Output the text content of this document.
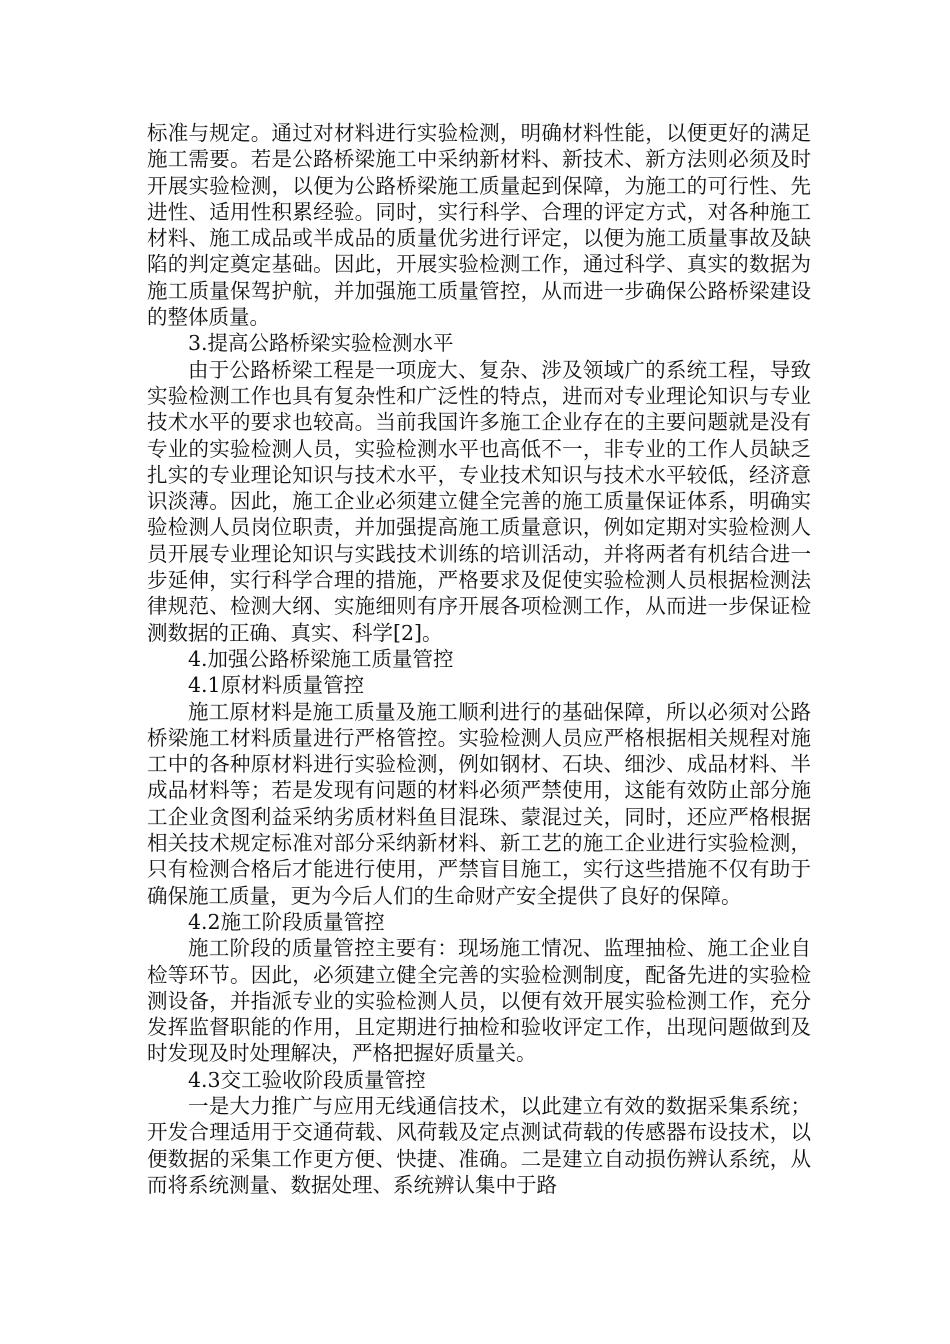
标准与规定。通过对材料进行实验检测，明确材料性能，以便更好的满足施工需要。若是公路桥梁施工中采纳新材料、新技术、新方法则必须及时开展实验检测，以便为公路桥梁施工质量起到保障，为施工的可行性、先进性、适用性积累经验。同时，实行科学、合理的评定方式，对各种施工材料、施工成品或半成品的质量优劣进行评定，以便为施工质量事故及缺陷的判定奠定基础。因此，开展实验检测工作，通过科学、真实的数据为施工质量保驾护航，并加强施工质量管控，从而进一步确保公路桥梁建设的整体质量。

3.提高公路桥梁实验检测水平

由于公路桥梁工程是一项庞大、复杂、涉及领域广的系统工程，导致实验检测工作也具有复杂性和广泛性的特点，进而对专业理论知识与专业技术水平的要求也较高。当前我国许多施工企业存在的主要问题就是没有专业的实验检测人员，实验检测水平也高低不一，非专业的工作人员缺乏扎实的专业理论知识与技术水平，专业技术知识与技术水平较低，经济意识淡薄。因此，施工企业必须建立健全完善的施工质量保证体系，明确实验检测人员岗位职责，并加强提高施工质量意识，例如定期对实验检测人员开展专业理论知识与实践技术训练的培训活动，并将两者有机结合进一步延伸，实行科学合理的措施，严格要求及促使实验检测人员根据检测法律规范、检测大纲、实施细则有序开展各项检测工作，从而进一步保证检测数据的正确、真实、科学[2]。

4.加强公路桥梁施工质量管控

4.1原材料质量管控

施工原材料是施工质量及施工顺利进行的基础保障，所以必须对公路桥梁施工材料质量进行严格管控。实验检测人员应严格根据相关规程对施工中的各种原材料进行实验检测，例如钢材、石块、细沙、成品材料、半成品材料等；若是发现有问题的材料必须严禁使用，这能有效防止部分施工企业贪图利益采纳劣质材料鱼目混珠、蒙混过关，同时，还应严格根据相关技术规定标准对部分采纳新材料、新工艺的施工企业进行实验检测，只有检测合格后才能进行使用，严禁盲目施工，实行这些措施不仅有助于确保施工质量，更为今后人们的生命财产安全提供了良好的保障。

4.2施工阶段质量管控

施工阶段的质量管控主要有：现场施工情况、监理抽检、施工企业自检等环节。因此，必须建立健全完善的实验检测制度，配备先进的实验检测设备，并指派专业的实验检测人员，以便有效开展实验检测工作，充分发挥监督职能的作用，且定期进行抽检和验收评定工作，出现问题做到及时发现及时处理解决，严格把握好质量关。

4.3交工验收阶段质量管控

一是大力推广与应用无线通信技术，以此建立有效的数据采集系统；开发合理适用于交通荷载、风荷载及定点测试荷载的传感器布设技术，以便数据的采集工作更方便、快捷、准确。二是建立自动损伤辨认系统，从而将系统测量、数据处理、系统辨认集中于路
